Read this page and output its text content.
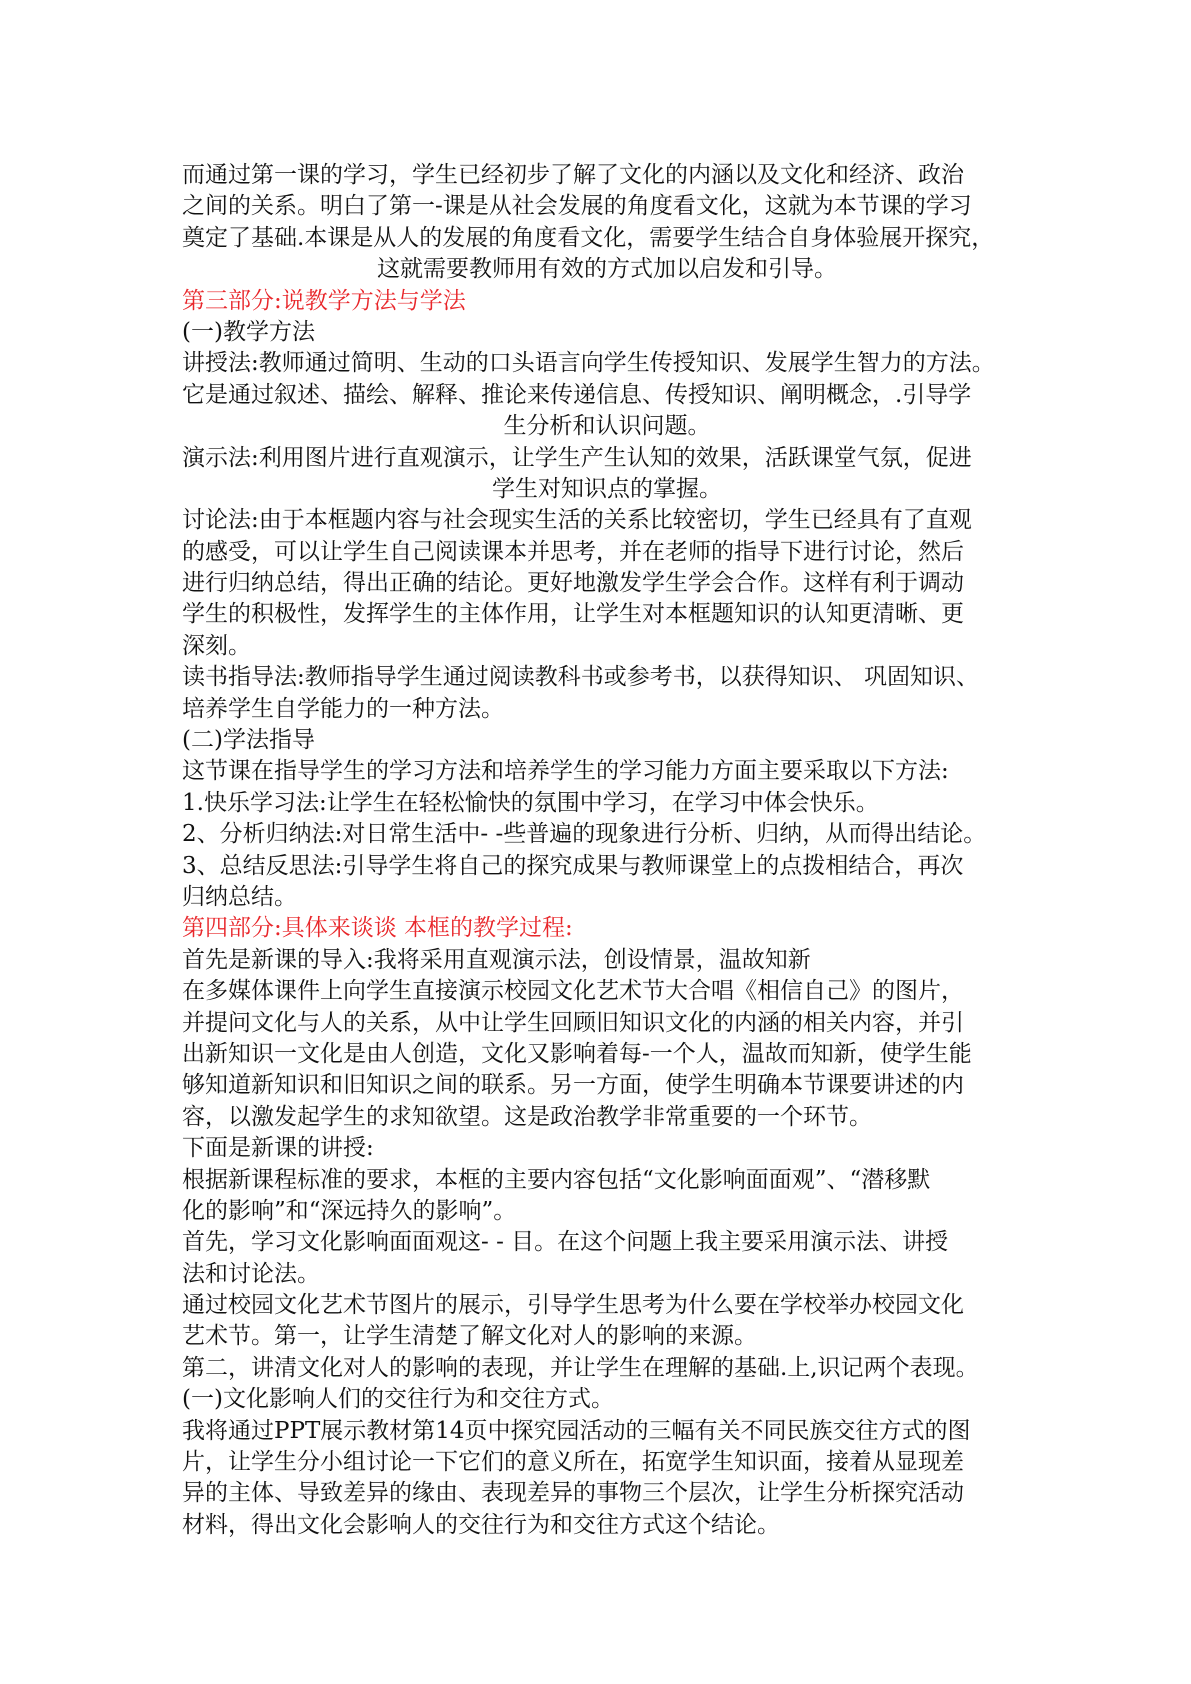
而通过第一课的学习，学生已经初步了解了文化的内涵以及文化和经济、政治
之间的关系。明白了第一-课是从社会发展的角度看文化，这就为本节课的学习
奠定了基础.本课是从人的发展的角度看文化，需要学生结合自身体验展开探究，
这就需要教师用有效的方式加以启发和引导。
第三部分:说教学方法与学法
(一)教学方法
讲授法:教师通过简明、生动的口头语言向学生传授知识、发展学生智力的方法。
它是通过叙述、描绘、解释、推论来传递信息、传授知识、阐明概念，.引导学
生分析和认识问题。
演示法:利用图片进行直观演示，让学生产生认知的效果，活跃课堂气氛，促进
学生对知识点的掌握。
讨论法:由于本框题内容与社会现实生活的关系比较密切，学生已经具有了直观
的感受，可以让学生自己阅读课本并思考，并在老师的指导下进行讨论，然后
进行归纳总结，得出正确的结论。更好地激发学生学会合作。这样有利于调动
学生的积极性，发挥学生的主体作用，让学生对本框题知识的认知更清晰、更
深刻。
读书指导法:教师指导学生通过阅读教科书或参考书，以获得知识、 巩固知识、
培养学生自学能力的一种方法。
(二)学法指导
这节课在指导学生的学习方法和培养学生的学习能力方面主要采取以下方法:
1.快乐学习法:让学生在轻松愉快的氛围中学习，在学习中体会快乐。
2、分析归纳法:对日常生活中- -些普遍的现象进行分析、归纳，从而得出结论。
3、总结反思法:引导学生将自己的探究成果与教师课堂上的点拨相结合，再次
归纳总结。
第四部分:具体来谈谈 本框的教学过程:
首先是新课的导入:我将采用直观演示法，创设情景，温故知新
在多媒体课件上向学生直接演示校园文化艺术节大合唱《相信自己》的图片，
并提问文化与人的关系，从中让学生回顾旧知识文化的内涵的相关内容，并引
出新知识一文化是由人创造，文化又影响着每-一个人，温故而知新，使学生能
够知道新知识和旧知识之间的联系。另一方面，使学生明确本节课要讲述的内
容，以激发起学生的求知欲望。这是政治教学非常重要的一个环节。
下面是新课的讲授:
根据新课程标准的要求，本框的主要内容包括“文化影响面面观”、“潜移默
化的影响”和“深远持久的影响”。
首先，学习文化影响面面观这- - 目。在这个问题上我主要采用演示法、讲授
法和讨论法。
通过校园文化艺术节图片的展示，引导学生思考为什么要在学校举办校园文化
艺术节。第一，让学生清楚了解文化对人的影响的来源。
第二，讲清文化对人的影响的表现，并让学生在理解的基础.上,识记两个表现。
(一)文化影响人们的交往行为和交往方式。
我将通过PPT展示教材第14页中探究园活动的三幅有关不同民族交往方式的图
片，让学生分小组讨论一下它们的意义所在，拓宽学生知识面，接着从显现差
异的主体、导致差异的缘由、表现差异的事物三个层次，让学生分析探究活动
材料，得出文化会影响人的交往行为和交往方式这个结论。
